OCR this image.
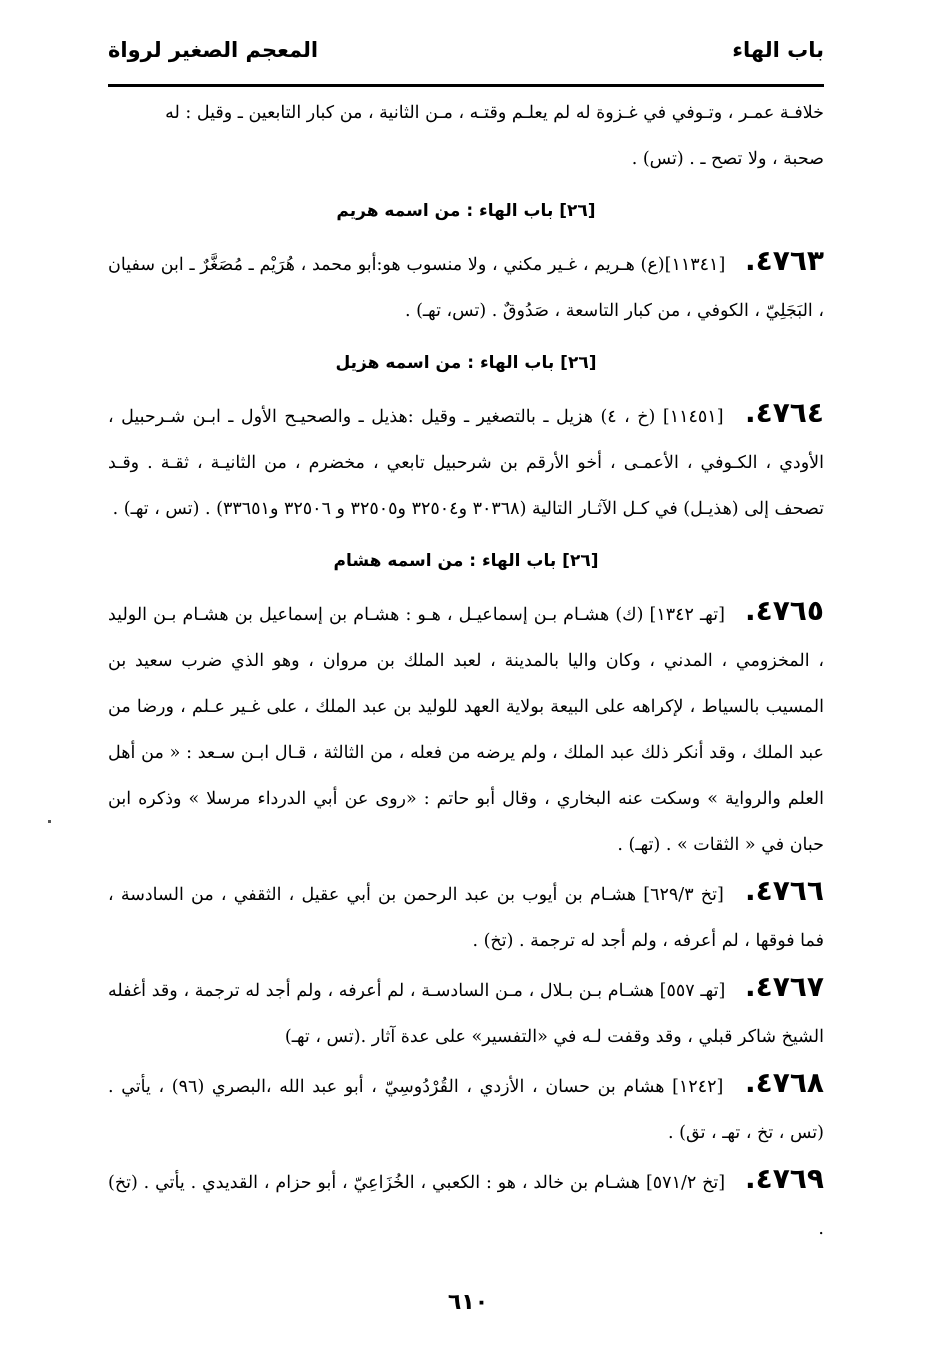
باب الهاء
المعجم الصغير لرواة

خلافـة عمـر ، وتـوفي في غـزوة له لم يعلـم وقتـه ، مـن الثانية ، من كبار التابعين ـ وقيل : له
صحبة ، ولا تصح ـ . (تس) .

[٢٦] باب الهاء : من اسمه هريم

٤٧٦٣. [١١٣٤١](ع) هـريم ، غـير مكني ، ولا منسوب هو:أبو محمد ، هُرَيْم ـ مُصَغَّرٌ ـ ابن سفيان ، البَجَلِيّ ، الكوفي ، من كبار التاسعة ، صَدُوقٌ . (تس، تهـ) .

[٢٦] باب الهاء : من اسمه هزيل

٤٧٦٤. [١١٤٥١] (خ ، ٤) هزيل ـ بالتصغير ـ وقيل :هذيل ـ والصحيـح الأول ـ ابـن شـرحبيل ، الأودي ، الكـوفي ، الأعمـى ، أخو الأرقم بن شرحبيل تابعي ، مخضرم ، من الثانيـة ، ثقـة . وقـد تصحف إلى (هذيـل) في كـل الآثـار التالية (٣٠٣٦٨ و٣٢٥٠٤ و٣٢٥٠٥ و ٣٢٥٠٦ و٣٣٦٥١) . (تس ، تهـ) .

[٢٦] باب الهاء : من اسمه هشام

٤٧٦٥. [تهـ ١٣٤٢] (ك) هشـام بـن إسماعيـل ، هـو : هشـام بن إسماعيل بن هشـام بـن الوليد ، المخزومي ، المدني ، وكان واليا بالمدينة ، لعبد الملك بن مروان ، وهو الذي ضرب سعيد بن المسيب بالسياط ، لإكراهه على البيعة بولاية العهد للوليد بن عبد الملك ، على غـير عـلم ، ورضا من عبد الملك ، وقد أنكر ذلك عبد الملك ، ولم يرضه من فعله ، من الثالثة ، قـال ابـن سـعد : « من أهل العلم والرواية » وسكت عنه البخاري ، وقال أبو حاتم : «روى عن أبي الدرداء مرسلا » وذكره ابن حبان في « الثقات » . (تهـ) .

٤٧٦٦. [تخ ٦٢٩/٣] هشـام بن أيوب بن عبد الرحمن بن أبي عقيل ، الثقفي ، من السادسة ، فما فوقها ، لم أعرفه ، ولم أجد له ترجمة . (تخ) .

٤٧٦٧. [تهـ ٥٥٧] هشـام بـن بـلال ، مـن السادسـة ، لم أعرفه ، ولم أجد له ترجمة ، وقد أغفله الشيخ شاكر قبلي ، وقد وقفت لـه في «التفسير» على عدة آثار .(تس ، تهـ)

٤٧٦٨. [١٢٤٢] هشام بن حسان ، الأزدي ، القُرْدُوسِيّ ، أبو عبد الله ،البصري (٩٦) ، يأتي . (تس ، تخ ، تهـ ، تق) .

٤٧٦٩. [تخ ٥٧١/٢] هشـام بن خالد ، هو : الكعبي ، الخُزَاعِيّ ، أبو حزام ، القديدي . يأتي . (تخ) .

٦١٠
